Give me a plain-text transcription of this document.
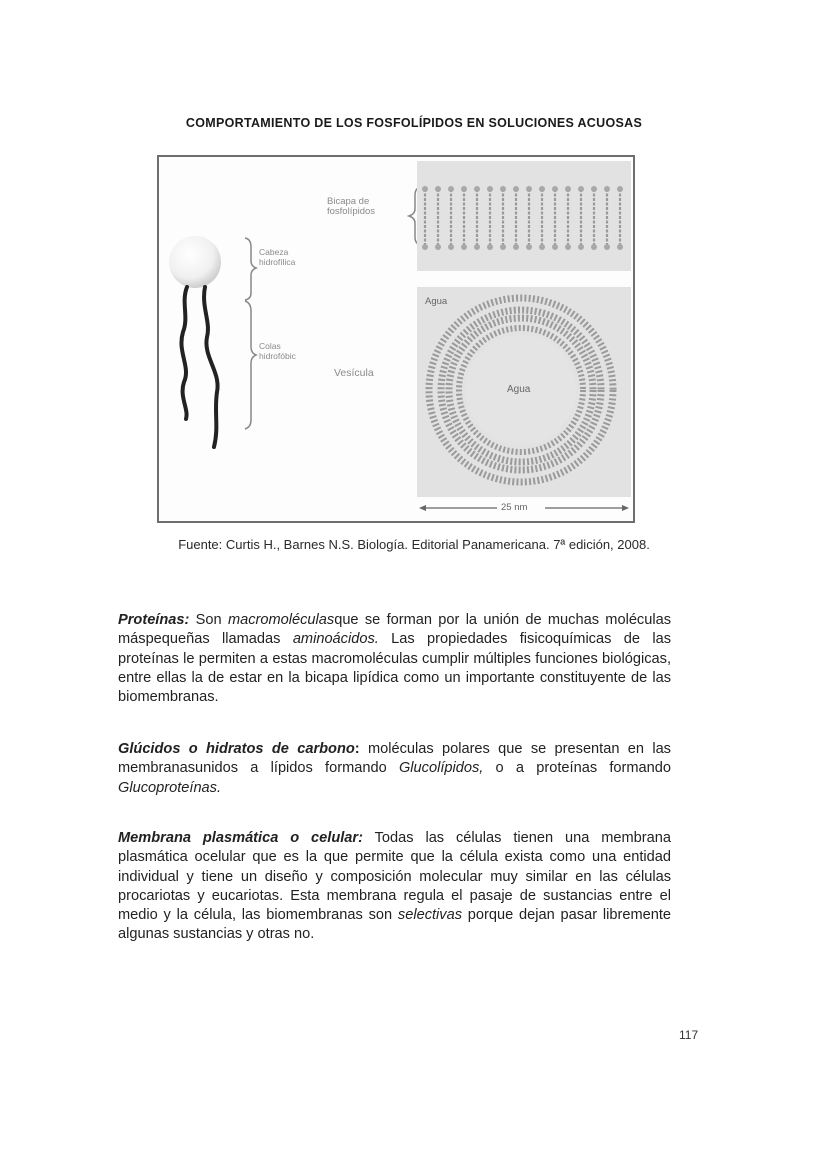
COMPORTAMIENTO DE LOS FOSFOLÍPIDOS EN SOLUCIONES ACUOSAS
Cabeza
hidrofílica
Colas
hidrofóbic
Bicapa de
fosfolípidos
Vesícula
Agua
Agua
25 nm
Fuente: Curtis H., Barnes N.S. Biología. Editorial Panamericana. 7ª edición, 2008.
Proteínas: Son macromoléculasque se forman por la unión de muchas moléculas máspequeñas llamadas aminoácidos. Las propiedades fisicoquímicas de las proteínas le permiten a estas macromoléculas cumplir múltiples funciones biológicas, entre ellas la de estar en la bicapa lipídica como un importante constituyente de las biomembranas.
Glúcidos o hidratos de carbono: moléculas polares que se presentan en las membranasunidos a lípidos formando Glucolípidos, o a proteínas formando Glucoproteínas.
Membrana plasmática o celular: Todas las células tienen una membrana plasmática ocelular que es la que permite que la célula exista como una entidad individual y tiene un diseño y composición molecular muy similar en las células procariotas y eucariotas. Esta membrana regula el pasaje de sustancias entre el medio y la célula, las biomembranas son selectivas porque dejan pasar libremente algunas sustancias y otras no.
117
